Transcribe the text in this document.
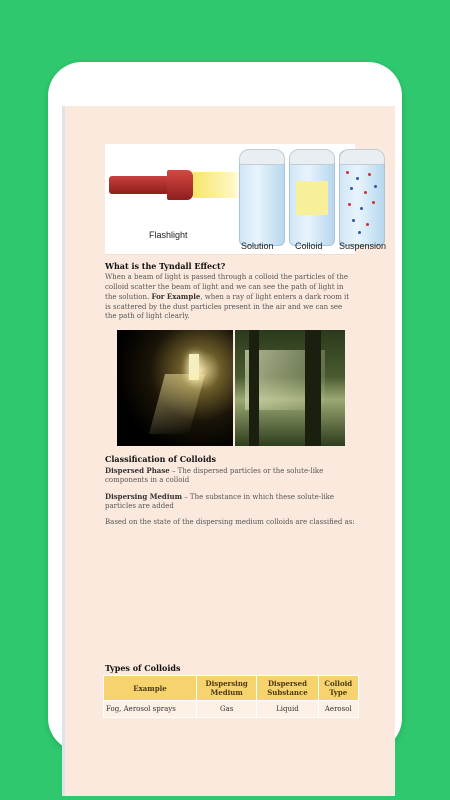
Flashlight
Solution Colloid Suspension
What is the Tyndall Effect?

When a beam of light is passed through a colloid the particles of the colloid scatter the beam of light and we can see the path of light in the solution. For Example, when a ray of light enters a dark room it is scattered by the dust particles present in the air and we can see the path of light clearly.

Classification of Colloids

Dispersed Phase – The dispersed particles or the solute-like components in a colloid

Dispersing Medium – The substance in which these solute-like particles are added

Based on the state of the dispersing medium colloids are classified as:

Types of Colloids
Example	Dispersing Medium	Dispersed Substance	Colloid Type
Fog, Aerosol sprays	Gas	Liquid	Aerosol
